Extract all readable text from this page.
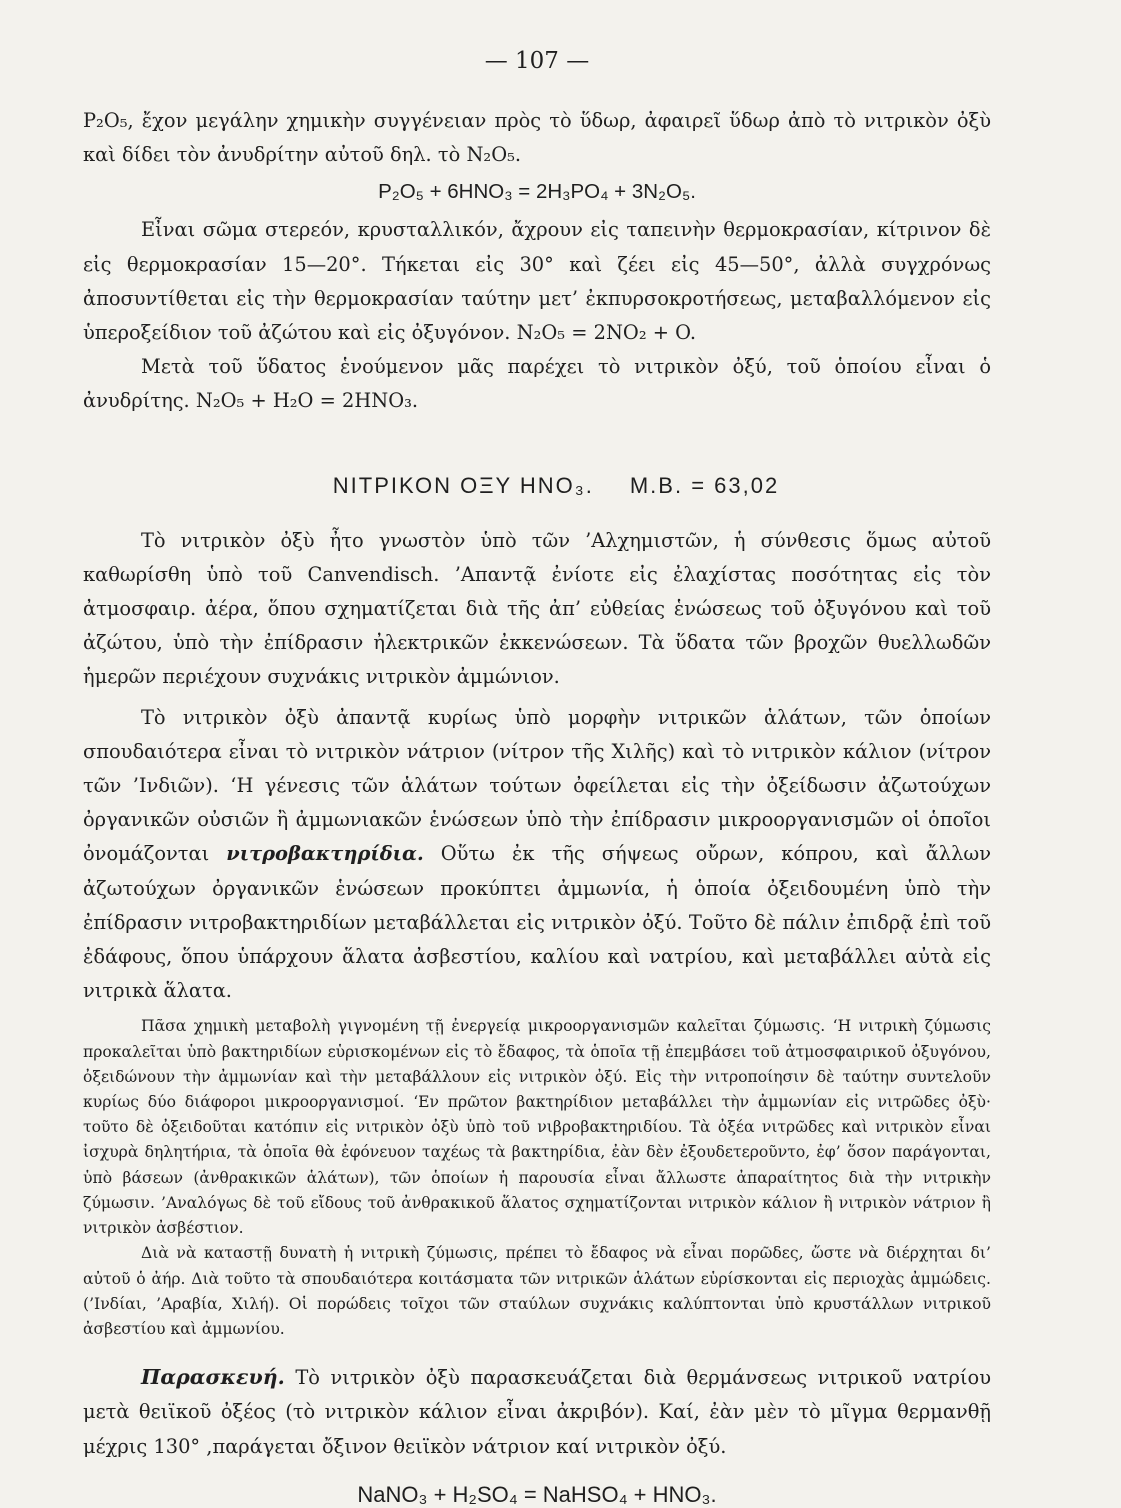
— 107 —

P₂O₅, ἔχον μεγάλην χημικὴν συγγένειαν πρὸς τὸ ὕδωρ, ἀφαιρεῖ ὕδωρ ἀπὸ τὸ νιτρικὸν ὀξὺ καὶ δίδει τὸν ἀνυδρίτην αὐτοῦ δηλ. τὸ N₂O₅.

P₂O₅ + 6HNO₃ = 2H₃PO₄ + 3N₂O₅.

Εἶναι σῶμα στερεόν, κρυσταλλικόν, ἄχρουν εἰς ταπεινὴν θερμοκρασίαν, κίτρινον δὲ εἰς θερμοκρασίαν 15—20°. Τήκεται εἰς 30° καὶ ζέει εἰς 45—50°, ἀλλὰ συγχρόνως ἀποσυντίθεται εἰς τὴν θερμοκρασίαν ταύτην μετ’ ἐκπυρσοκροτήσεως, μεταβαλλόμενον εἰς ὑπεροξείδιον τοῦ ἀζώτου καὶ εἰς ὀξυγόνον. N₂O₅ = 2NO₂ + O.

Μετὰ τοῦ ὕδατος ἑνούμενον μᾶς παρέχει τὸ νιτρικὸν ὀξύ, τοῦ ὁποίου εἶναι ὁ ἀνυδρίτης. N₂O₅ + H₂O = 2HNO₃.

ΝΙΤΡΙΚΟΝ ΟΞΥ HNO₃. M.B. = 63,02

Τὸ νιτρικὸν ὀξὺ ἦτο γνωστὸν ὑπὸ τῶν ’Αλχημιστῶν, ἡ σύνθεσις ὅμως αὐτοῦ καθωρίσθη ὑπὸ τοῦ Canvendisch. ’Απαντᾷ ἐνίοτε εἰς ἐλαχίστας ποσότητας εἰς τὸν ἀτμοσφαιρ. ἀέρα, ὅπου σχηματίζεται διὰ τῆς ἀπ’ εὐθείας ἑνώσεως τοῦ ὀξυγόνου καὶ τοῦ ἀζώτου, ὑπὸ τὴν ἐπίδρασιν ἠλεκτρικῶν ἐκκενώσεων. Τὰ ὕδατα τῶν βροχῶν θυελλωδῶν ἡμερῶν περιέχουν συχνάκις νιτρικὸν ἀμμώνιον.

Τὸ νιτρικὸν ὀξὺ ἀπαντᾷ κυρίως ὑπὸ μορφὴν νιτρικῶν ἁλάτων, τῶν ὁποίων σπουδαιότερα εἶναι τὸ νιτρικὸν νάτριον (νίτρον τῆς Χιλῆς) καὶ τὸ νιτρικὸν κάλιον (νίτρον τῶν ’Ινδιῶν). ‘Η γένεσις τῶν ἁλάτων τούτων ὀφείλεται εἰς τὴν ὀξείδωσιν ἀζωτούχων ὀργανικῶν οὐσιῶν ἢ ἀμμωνιακῶν ἑνώσεων ὑπὸ τὴν ἐπίδρασιν μικροοργανισμῶν οἱ ὁποῖοι ὀνομάζονται νιτροβακτηρίδια. Οὕτω ἐκ τῆς σήψεως οὔρων, κόπρου, καὶ ἄλλων ἀζωτούχων ὀργανικῶν ἑνώσεων προκύπτει ἀμμωνία, ἡ ὁποία ὀξειδουμένη ὑπὸ τὴν ἐπίδρασιν νιτροβακτηριδίων μεταβάλλεται εἰς νιτρικὸν ὀξύ. Τοῦτο δὲ πάλιν ἐπιδρᾷ ἐπὶ τοῦ ἐδάφους, ὅπου ὑπάρχουν ἅλατα ἀσβεστίου, καλίου καὶ νατρίου, καὶ μεταβάλλει αὐτὰ εἰς νιτρικὰ ἅλατα.

Πᾶσα χημικὴ μεταβολὴ γιγνομένη τῇ ἐνεργείᾳ μικροοργανισμῶν καλεῖται ζύμωσις. ‘Η νιτρικὴ ζύμωσις προκαλεῖται ὑπὸ βακτηριδίων εὑρισκομένων εἰς τὸ ἔδαφος, τὰ ὁποῖα τῇ ἐπεμβάσει τοῦ ἀτμοσφαιρικοῦ ὀξυγόνου, ὀξειδώνουν τὴν ἀμμωνίαν καὶ τὴν μεταβάλλουν εἰς νιτρικὸν ὀξύ. Εἰς τὴν νιτροποίησιν δὲ ταύτην συντελοῦν κυρίως δύο διάφοροι μικροοργανισμοί. ‘Εν πρῶτον βακτηρίδιον μεταβάλλει τὴν ἀμμωνίαν εἰς νιτρῶδες ὀξὺ· τοῦτο δὲ ὀξειδοῦται κατόπιν εἰς νιτρικὸν ὀξὺ ὑπὸ τοῦ νιβροβακτηριδίου. Τὰ ὀξέα νιτρῶδες καὶ νιτρικὸν εἶναι ἰσχυρὰ δηλητήρια, τὰ ὁποῖα θὰ ἐφόνευον ταχέως τὰ βακτηρίδια, ἐὰν δὲν ἐξουδετεροῦντο, ἐφ’ ὅσον παράγονται, ὑπὸ βάσεων (ἀνθρακικῶν ἁλάτων), τῶν ὁποίων ἡ παρουσία εἶναι ἄλλωστε ἀπαραίτητος διὰ τὴν νιτρικὴν ζύμωσιν. ’Αναλόγως δὲ τοῦ εἴδους τοῦ ἀνθρακικοῦ ἅλατος σχηματίζονται νιτρικὸν κάλιον ἢ νιτρικὸν νάτριον ἢ νιτρικὸν ἀσβέστιον.

Διὰ νὰ καταστῇ δυνατὴ ἡ νιτρικὴ ζύμωσις, πρέπει τὸ ἔδαφος νὰ εἶναι πορῶδες, ὥστε νὰ διέρχηται δι’ αὐτοῦ ὁ ἀήρ. Διὰ τοῦτο τὰ σπουδαιότερα κοιτάσματα τῶν νιτρικῶν ἁλάτων εὑρίσκονται εἰς περιοχὰς ἀμμώδεις. (’Ινδίαι, ’Αραβία, Χιλή). Οἱ πορώδεις τοῖχοι τῶν σταύλων συχνάκις καλύπτονται ὑπὸ κρυστάλλων νιτρικοῦ ἀσβεστίου καὶ ἀμμωνίου.

Παρασκευή. Τὸ νιτρικὸν ὀξὺ παρασκευάζεται διὰ θερμάνσεως νιτρικοῦ νατρίου μετὰ θειϊκοῦ ὀξέος (τὸ νιτρικὸν κάλιον εἶναι ἀκριβόν). Καί, ἐὰν μὲν τὸ μῖγμα θερμανθῇ μέχρις 130° ,παράγεται ὄξινον θειϊκὸν νάτριον καί νιτρικὸν ὀξύ.

NaNO₃ + H₂SO₄ = NaHSO₄ + HNO₃.
